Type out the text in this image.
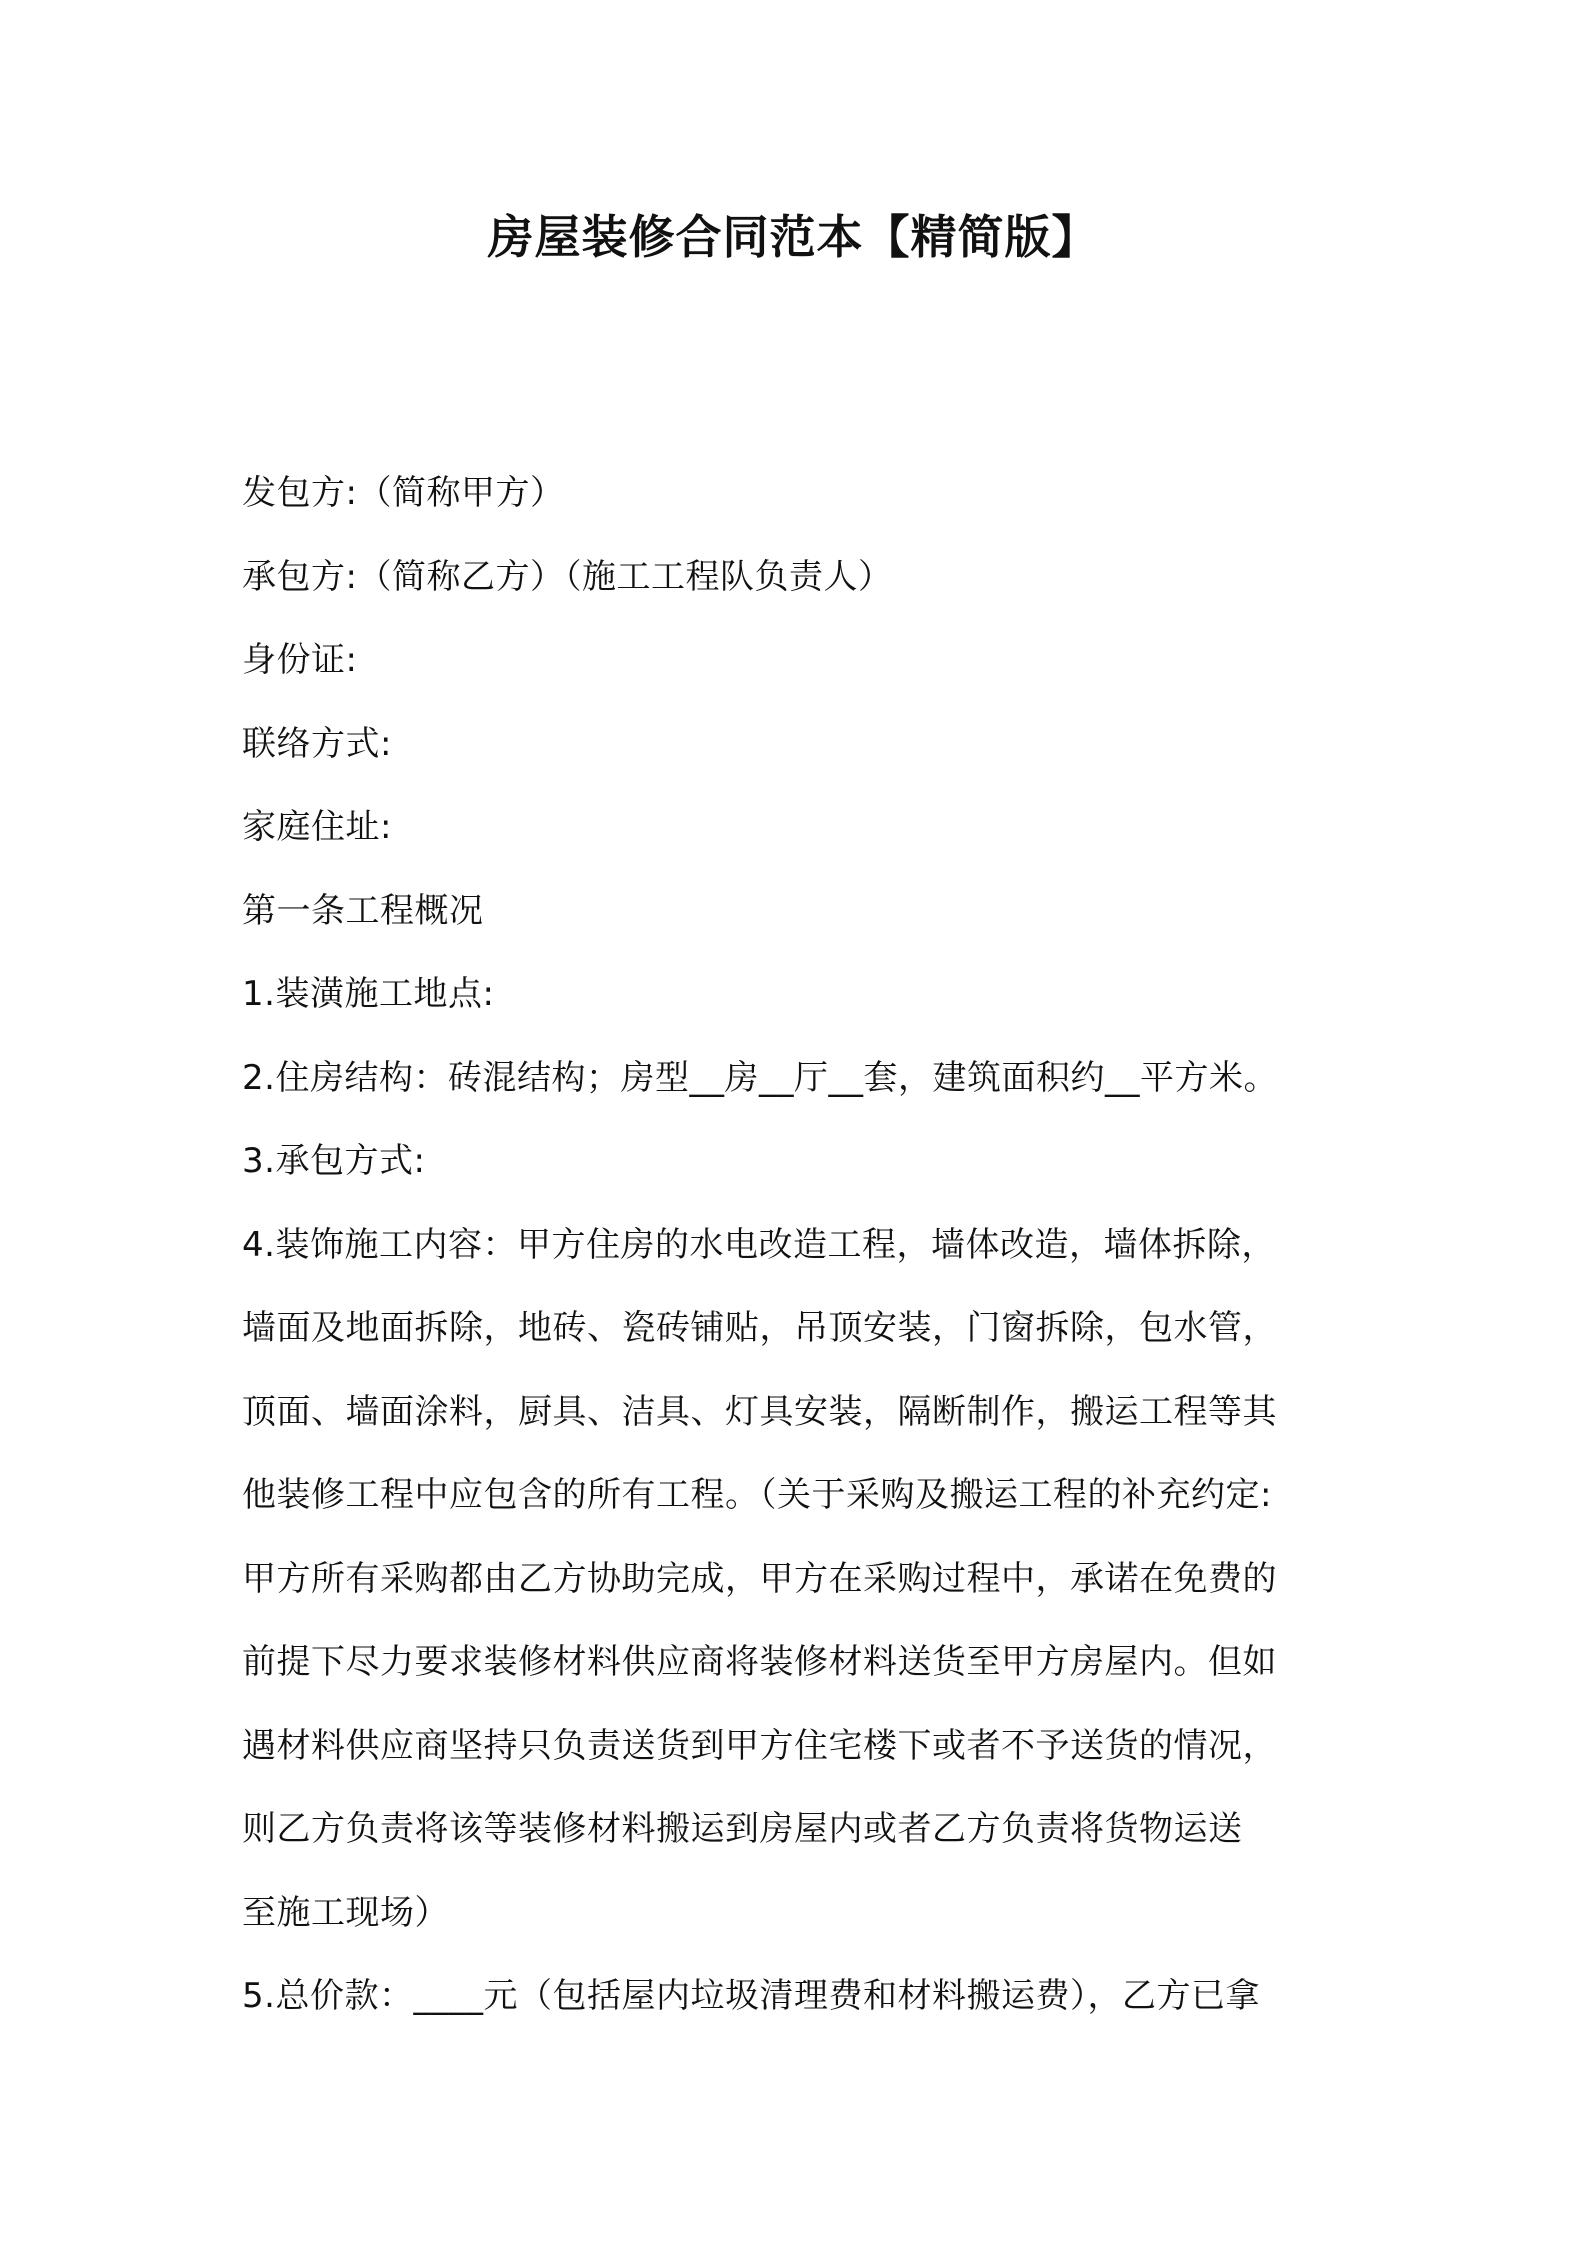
房屋装修合同范本【精简版】

发包方:（简称甲方）

承包方:（简称乙方）（施工工程队负责人）

身份证:

联络方式:

家庭住址:

第一条工程概况

1.装潢施工地点:

2.住房结构：砖混结构；房型__房__厅__套，建筑面积约__平方米。

3.承包方式:

4.装饰施工内容：甲方住房的水电改造工程，墙体改造，墙体拆除，

墙面及地面拆除，地砖、瓷砖铺贴，吊顶安装，门窗拆除，包水管，

顶面、墙面涂料，厨具、洁具、灯具安装，隔断制作，搬运工程等其

他装修工程中应包含的所有工程。（关于采购及搬运工程的补充约定:

甲方所有采购都由乙方协助完成，甲方在采购过程中，承诺在免费的

前提下尽力要求装修材料供应商将装修材料送货至甲方房屋内。但如

遇材料供应商坚持只负责送货到甲方住宅楼下或者不予送货的情况，

则乙方负责将该等装修材料搬运到房屋内或者乙方负责将货物运送

至施工现场）

5.总价款：____元（包括屋内垃圾清理费和材料搬运费），乙方已拿
